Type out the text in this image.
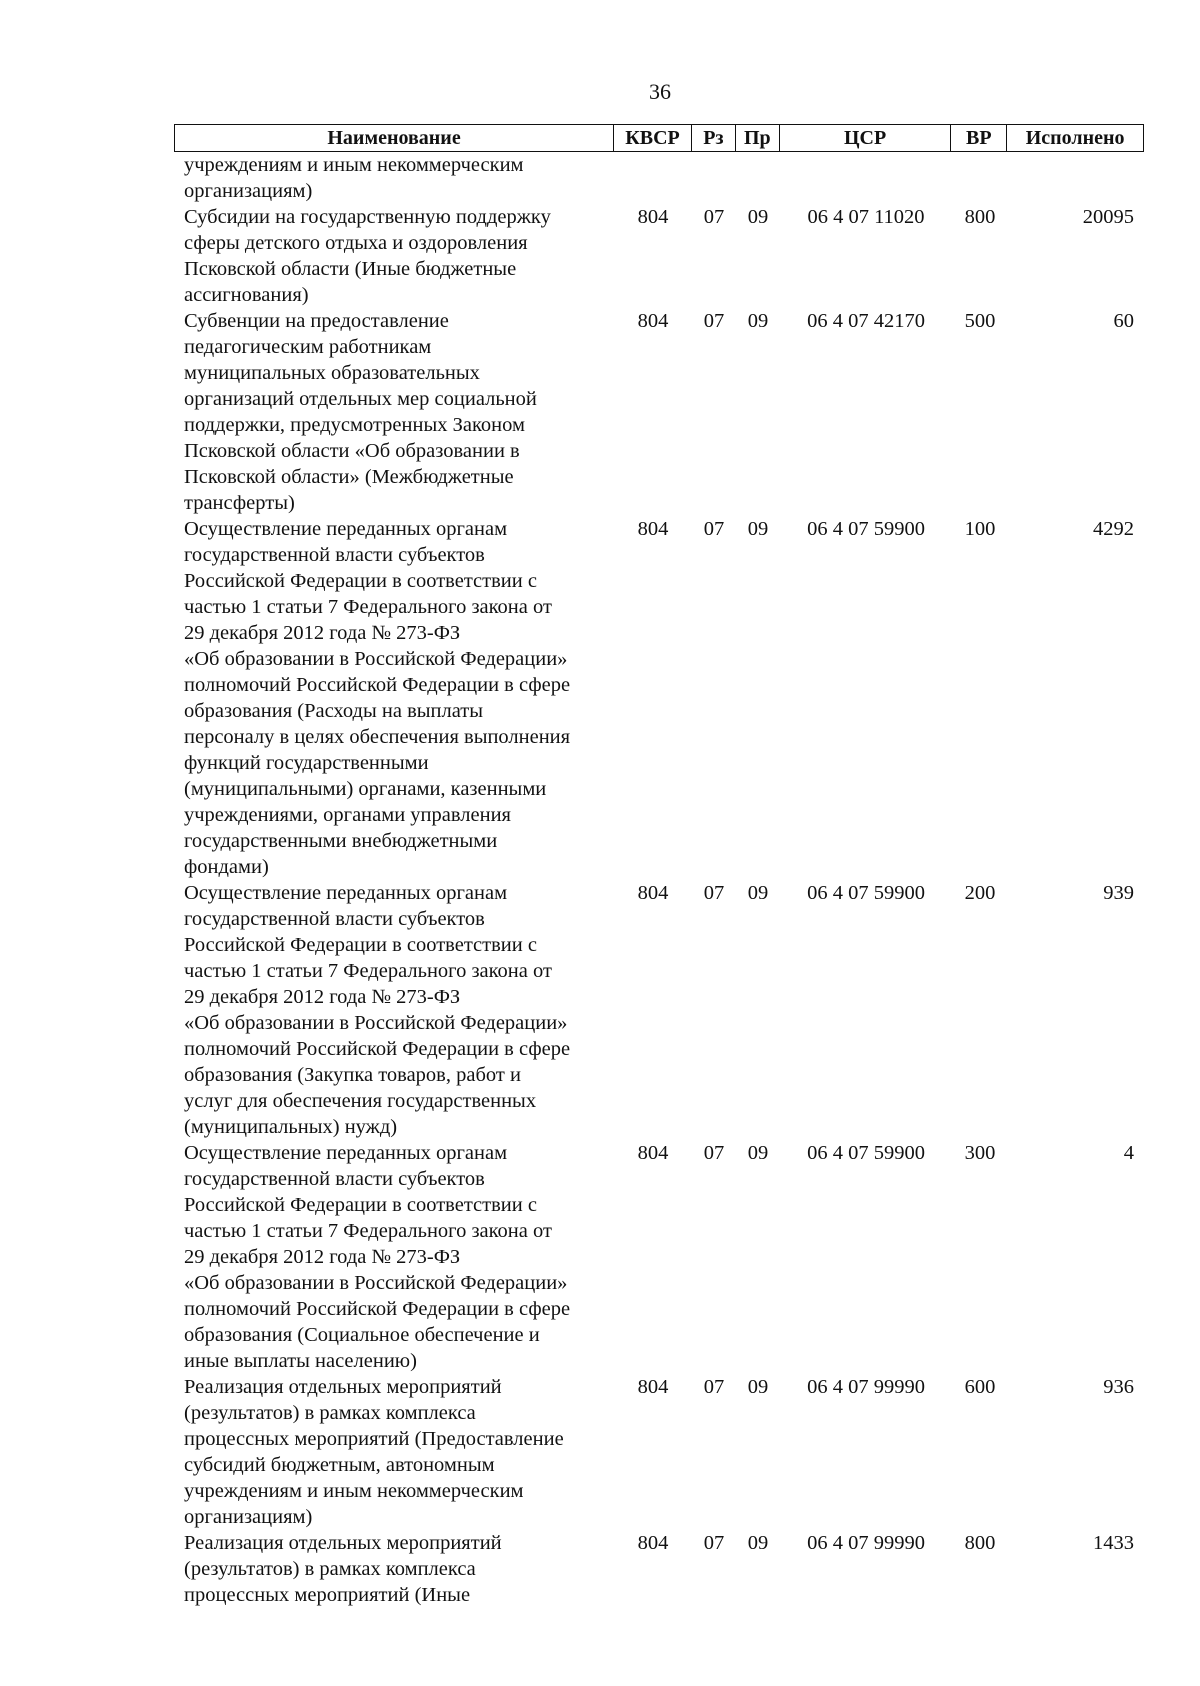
36
Наименование	КВСР	Рз	Пр	ЦСР	ВР	Исполнено
учреждениям и иным некоммерческим
организациям)
Субсидии на государственную поддержку
сферы детского отдыха и оздоровления
Псковской области (Иные бюджетные
ассигнования)
804	07	09	06 4 07 11020	800	20095
Субвенции на предоставление
педагогическим работникам
муниципальных образовательных
организаций отдельных мер социальной
поддержки, предусмотренных Законом
Псковской области «Об образовании в
Псковской области» (Межбюджетные
трансферты)
804	07	09	06 4 07 42170	500	60
Осуществление переданных органам
государственной власти субъектов
Российской Федерации в соответствии с
частью 1 статьи 7 Федерального закона от
29 декабря 2012 года № 273-ФЗ
«Об образовании в Российской Федерации»
полномочий Российской Федерации в сфере
образования (Расходы на выплаты
персоналу в целях обеспечения выполнения
функций государственными
(муниципальными) органами, казенными
учреждениями, органами управления
государственными внебюджетными
фондами)
804	07	09	06 4 07 59900	100	4292
Осуществление переданных органам
государственной власти субъектов
Российской Федерации в соответствии с
частью 1 статьи 7 Федерального закона от
29 декабря 2012 года № 273-ФЗ
«Об образовании в Российской Федерации»
полномочий Российской Федерации в сфере
образования (Закупка товаров, работ и
услуг для обеспечения государственных
(муниципальных) нужд)
804	07	09	06 4 07 59900	200	939
Осуществление переданных органам
государственной власти субъектов
Российской Федерации в соответствии с
частью 1 статьи 7 Федерального закона от
29 декабря 2012 года № 273-ФЗ
«Об образовании в Российской Федерации»
полномочий Российской Федерации в сфере
образования (Социальное обеспечение и
иные выплаты населению)
804	07	09	06 4 07 59900	300	4
Реализация отдельных мероприятий
(результатов) в рамках комплекса
процессных мероприятий (Предоставление
субсидий бюджетным, автономным
учреждениям и иным некоммерческим
организациям)
804	07	09	06 4 07 99990	600	936
Реализация отдельных мероприятий
(результатов) в рамках комплекса
процессных мероприятий (Иные
804	07	09	06 4 07 99990	800	1433
